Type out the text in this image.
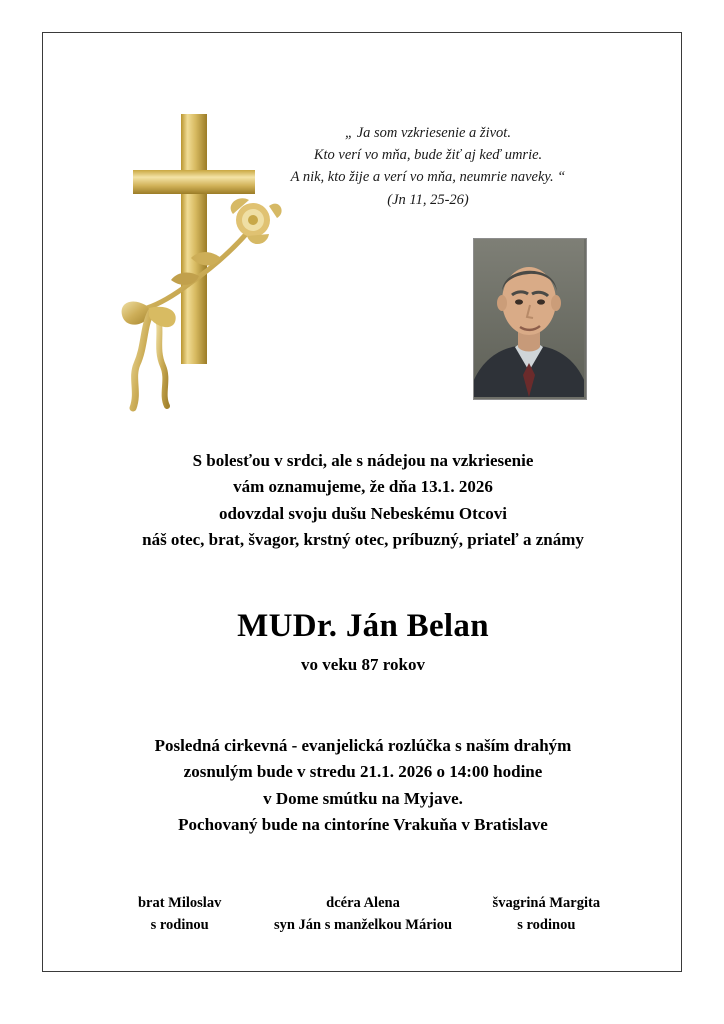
„ Ja som vzkriesenie a život.
Kto verí vo mňa, bude žiť aj keď umrie.
A nik, kto žije a verí vo mňa, neumrie naveky. “
(Jn 11, 25-26)
S bolesťou v srdci, ale s nádejou na vzkriesenie
vám oznamujeme, že dňa 13.1. 2026
odovzdal svoju dušu Nebeskému Otcovi
náš otec, brat, švagor, krstný otec, príbuzný, priateľ a známy
MUDr. Ján Belan
vo veku 87 rokov
Posledná cirkevná - evanjelická rozlúčka s naším drahým
zosnulým bude v stredu 21.1. 2026 o 14:00 hodine
v Dome smútku na Myjave.
Pochovaný bude na cintoríne Vrakuňa v Bratislave
brat Miloslav
s rodinou
dcéra Alena
syn Ján s manželkou Máriou
švagriná Margita
s rodinou
